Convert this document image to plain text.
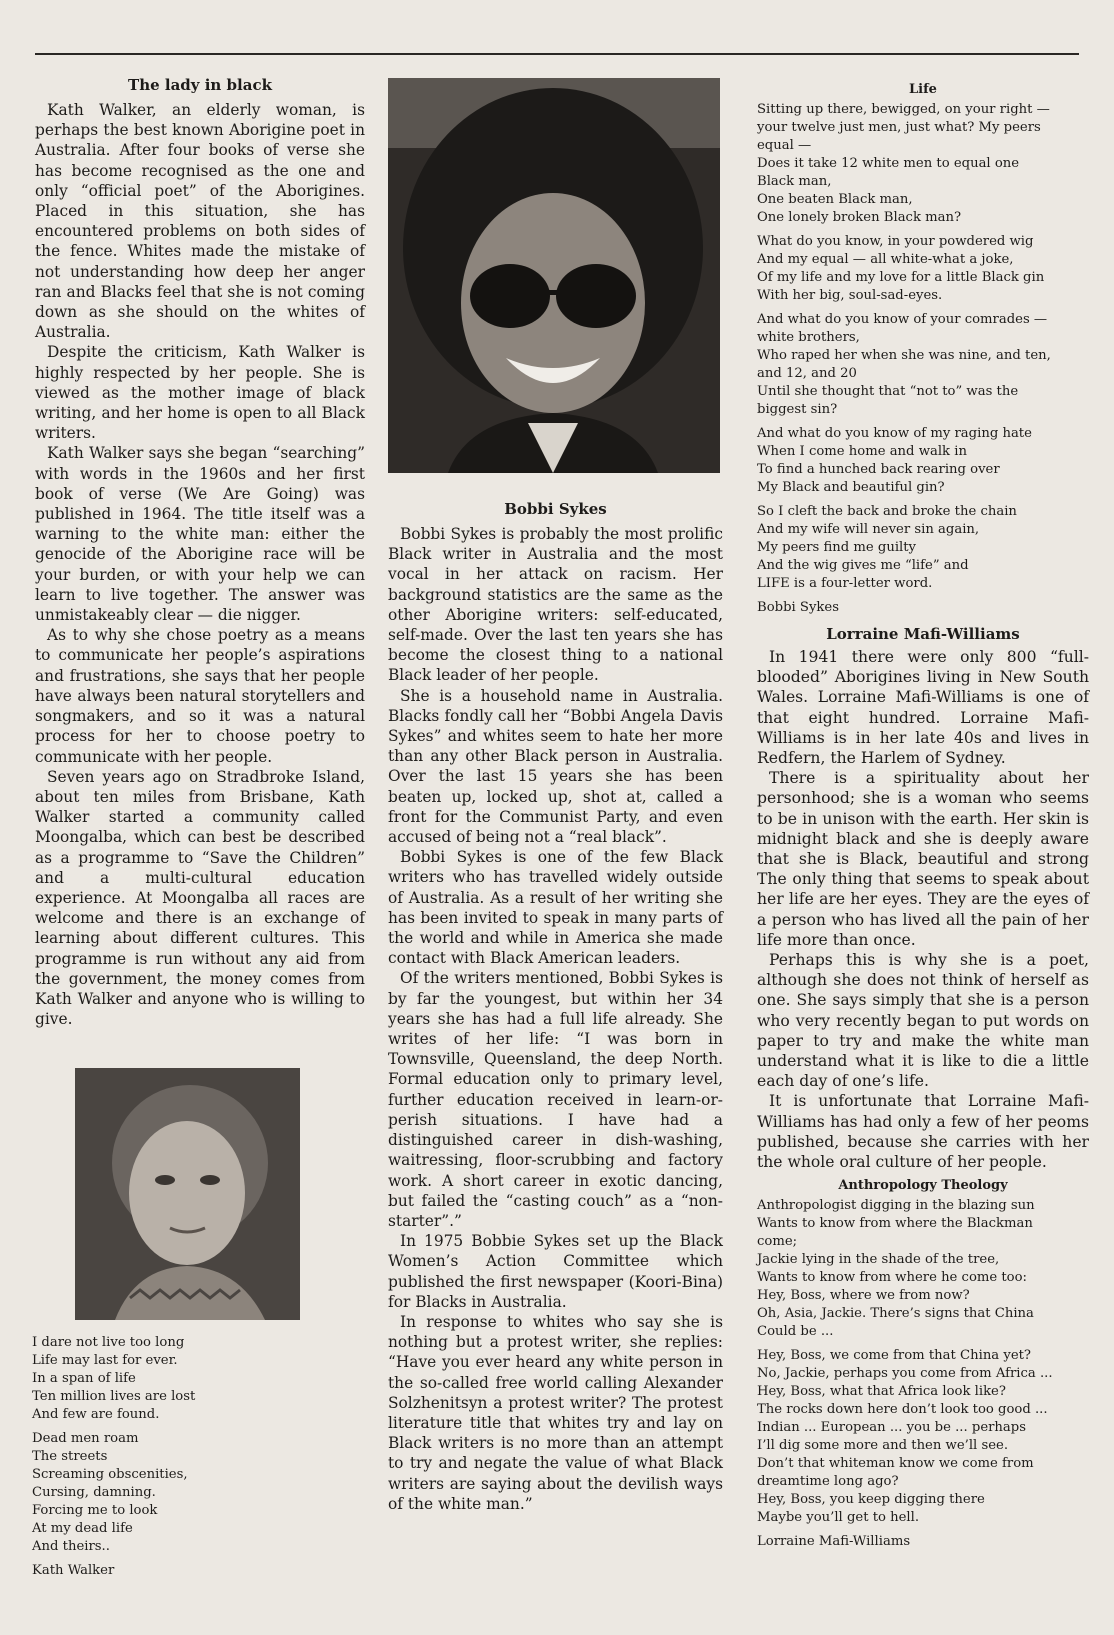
The lady in black

Kath Walker, an elderly woman, is perhaps the best known Aborigine poet in Australia. After four books of verse she has become recognised as the one and only “official poet” of the Aborigines. Placed in this situation, she has encountered problems on both sides of the fence. Whites made the mistake of not understanding how deep her anger ran and Blacks feel that she is not coming down as she should on the whites of Australia.

Despite the criticism, Kath Walker is highly respected by her people. She is viewed as the mother image of black writing, and her home is open to all Black writers.

Kath Walker says she began “searching” with words in the 1960s and her first book of verse (We Are Going) was published in 1964. The title itself was a warning to the white man: either the genocide of the Aborigine race will be your burden, or with your help we can learn to live together. The answer was unmistakeably clear — die nigger.

As to why she chose poetry as a means to communicate her people’s aspirations and frustrations, she says that her people have always been natural storytellers and songmakers, and so it was a natural process for her to choose poetry to communicate with her people.

Seven years ago on Stradbroke Island, about ten miles from Brisbane, Kath Walker started a community called Moongalba, which can best be described as a programme to “Save the Children” and a multi-cultural education experience. At Moongalba all races are welcome and there is an exchange of learning about different cultures. This programme is run without any aid from the government, the money comes from Kath Walker and anyone who is willing to give.

I dare not live too long
Life may last for ever.
In a span of life
Ten million lives are lost
And few are found.
Dead men roam
The streets
Screaming obscenities,
Cursing, damning.
Forcing me to look
At my dead life
And theirs..
Kath Walker
Bobbi Sykes

Bobbi Sykes is probably the most prolific Black writer in Australia and the most vocal in her attack on racism. Her background statistics are the same as the other Aborigine writers: self-educated, self-made. Over the last ten years she has become the closest thing to a national Black leader of her people.

She is a household name in Australia. Blacks fondly call her “Bobbi Angela Davis Sykes” and whites seem to hate her more than any other Black person in Australia. Over the last 15 years she has been beaten up, locked up, shot at, called a front for the Communist Party, and even accused of being not a “real black”.

Bobbi Sykes is one of the few Black writers who has travelled widely outside of Australia. As a result of her writing she has been invited to speak in many parts of the world and while in America she made contact with Black American leaders.

Of the writers mentioned, Bobbi Sykes is by far the youngest, but within her 34 years she has had a full life already. She writes of her life: “I was born in Townsville, Queensland, the deep North. Formal education only to primary level, further education received in learn-or-perish situations. I have had a distinguished career in dish-washing, waitressing, floor-scrubbing and factory work. A short career in exotic dancing, but failed the “casting couch” as a “non-starter”.”

In 1975 Bobbie Sykes set up the Black Women’s Action Committee which published the first newspaper (Koori-Bina) for Blacks in Australia.

In response to whites who say she is nothing but a protest writer, she replies: “Have you ever heard any white person in the so-called free world calling Alexander Solzhenitsyn a protest writer? The protest literature title that whites try and lay on Black writers is no more than an attempt to try and negate the value of what Black writers are saying about the devilish ways of the white man.”

Life
Sitting up there, bewigged, on your right —
your twelve just men, just what? My peers
equal —
Does it take 12 white men to equal one
Black man,
One beaten Black man,
One lonely broken Black man?
What do you know, in your powdered wig
And my equal — all white-what a joke,
Of my life and my love for a little Black gin
With her big, soul-sad-eyes.
And what do you know of your comrades —
white brothers,
Who raped her when she was nine, and ten,
and 12, and 20
Until she thought that “not to” was the
biggest sin?
And what do you know of my raging hate
When I come home and walk in
To find a hunched back rearing over
My Black and beautiful gin?
So I cleft the back and broke the chain
And my wife will never sin again,
My peers find me guilty
And the wig gives me “life” and
LIFE is a four-letter word.
Bobbi Sykes
Lorraine Mafi-Williams

In 1941 there were only 800 “full-blooded” Aborigines living in New South Wales. Lorraine Mafi-Williams is one of that eight hundred. Lorraine Mafi-Williams is in her late 40s and lives in Redfern, the Harlem of Sydney.

There is a spirituality about her personhood; she is a woman who seems to be in unison with the earth. Her skin is midnight black and she is deeply aware that she is Black, beautiful and strong The only thing that seems to speak about her life are her eyes. They are the eyes of a person who has lived all the pain of her life more than once.

Perhaps this is why she is a poet, although she does not think of herself as one. She says simply that she is a person who very recently began to put words on paper to try and make the white man understand what it is like to die a little each day of one’s life.

It is unfortunate that Lorraine Mafi-Williams has had only a few of her peoms published, because she carries with her the whole oral culture of her people.

Anthropology Theology
Anthropologist digging in the blazing sun
Wants to know from where the Blackman
come;
Jackie lying in the shade of the tree,
Wants to know from where he come too:
Hey, Boss, where we from now?
Oh, Asia, Jackie. There’s signs that China
Could be ...
Hey, Boss, we come from that China yet?
No, Jackie, perhaps you come from Africa ...
Hey, Boss, what that Africa look like?
The rocks down here don’t look too good ...
Indian ... European ... you be ... perhaps
I’ll dig some more and then we’ll see.
Don’t that whiteman know we come from
dreamtime long ago?
Hey, Boss, you keep digging there
Maybe you’ll get to hell.
Lorraine Mafi-Williams
